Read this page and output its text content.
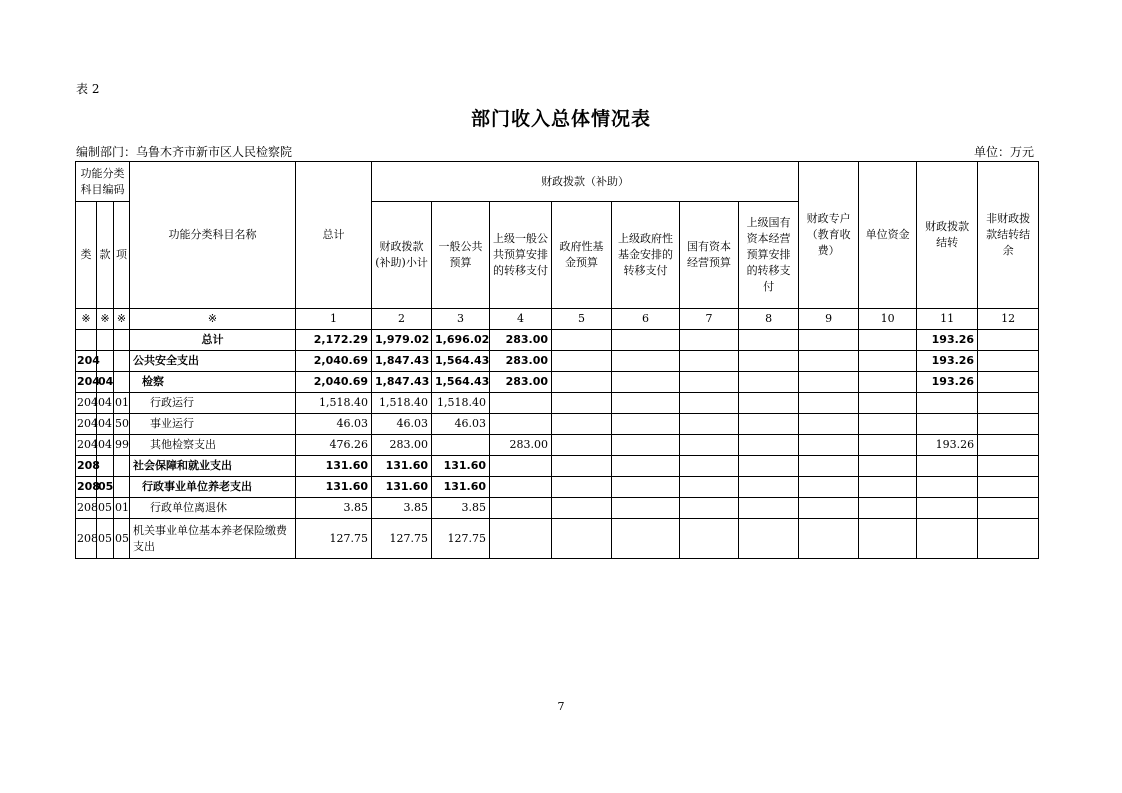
表 2
部门收入总体情况表
编制部门：乌鲁木齐市新市区人民检察院	单位：万元
功能分类科目编码			功能分类科目名称	总计	财政拨款（补助）							财政专户（教育收费）	单位资金	财政拨款结转	非财政拨款结转结余
类	款	项			财政拨款(补助)小计	一般公共预算	上级一般公共预算安排的转移支付	政府性基金预算	上级政府性基金安排的转移支付	国有资本经营预算	上级国有资本经营预算安排的转移支付				
※	※	※	※	1	2	3	4	5	6	7	8	9	10	11	12
			总计	2,172.29	1,979.02	1,696.02	283.00							193.26	
204			公共安全支出	2,040.69	1,847.43	1,564.43	283.00							193.26	
204	04		检察	2,040.69	1,847.43	1,564.43	283.00							193.26	
204	04	01	行政运行	1,518.40	1,518.40	1,518.40									
204	04	50	事业运行	46.03	46.03	46.03									
204	04	99	其他检察支出	476.26	283.00		283.00							193.26	
208			社会保障和就业支出	131.60	131.60	131.60									
208	05		行政事业单位养老支出	131.60	131.60	131.60									
208	05	01	行政单位离退休	3.85	3.85	3.85									
208	05	05	机关事业单位基本养老保险缴费支出	127.75	127.75	127.75									
7
